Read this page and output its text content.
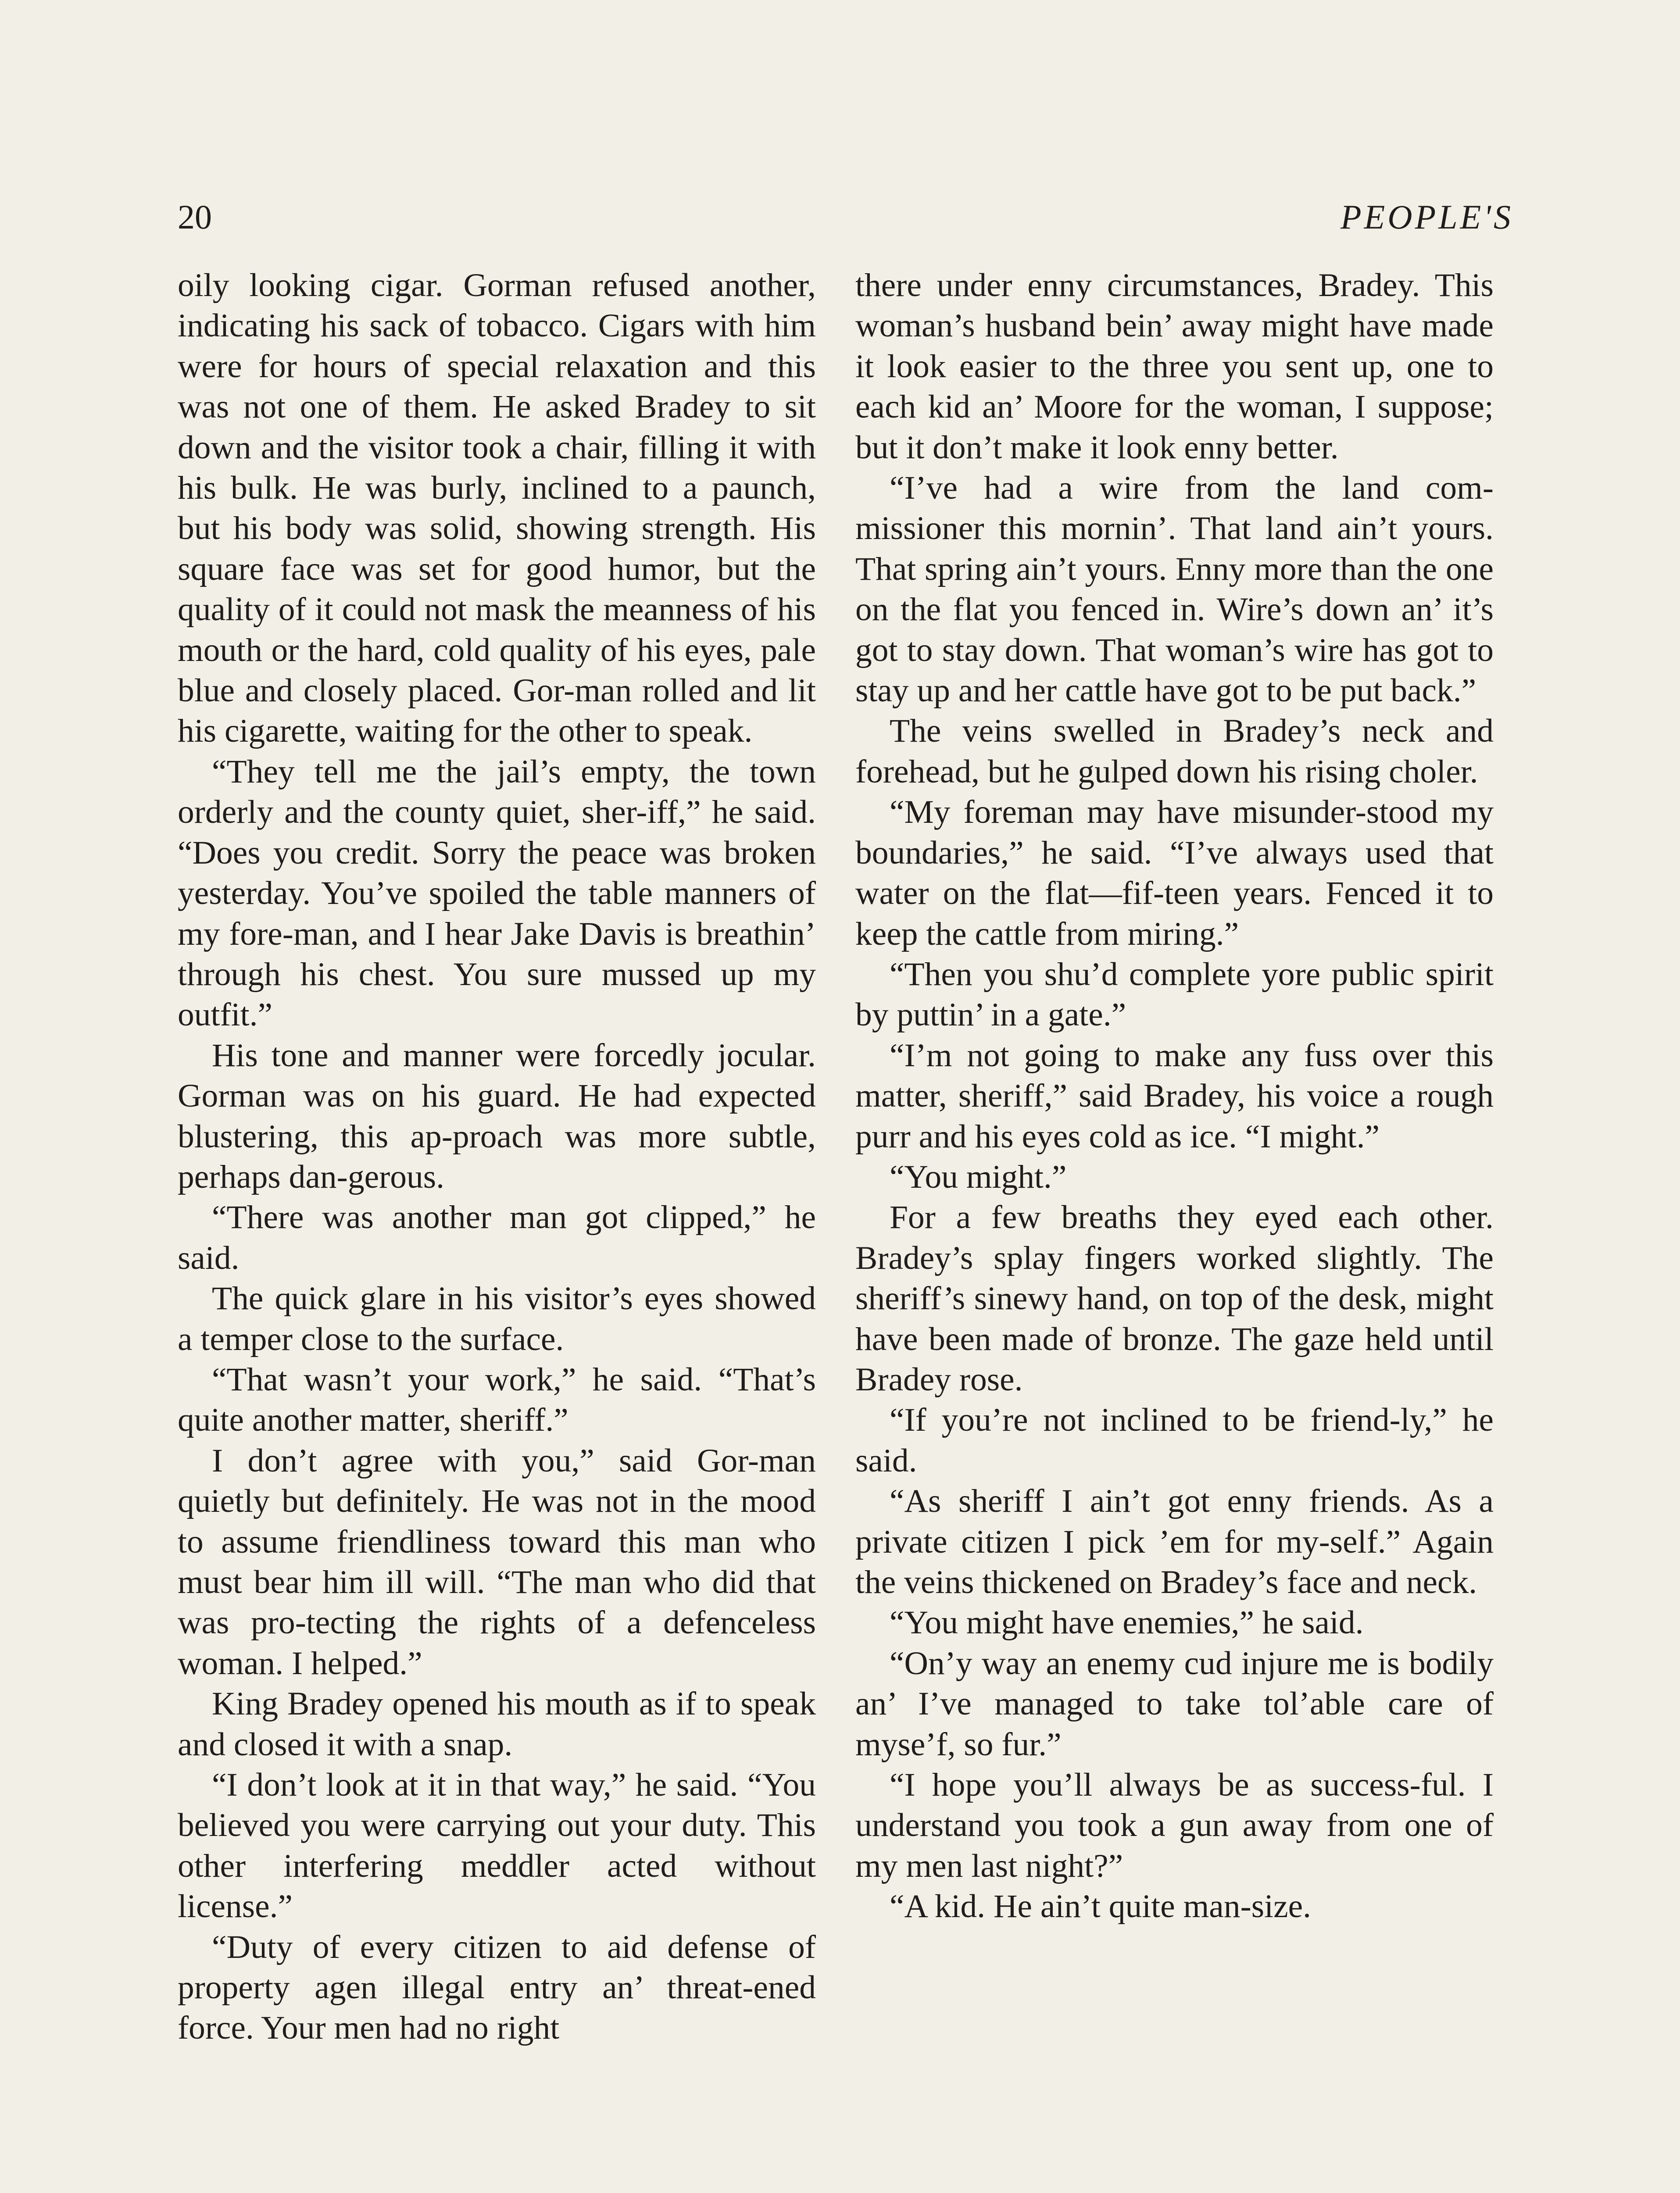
20	PEOPLE'S

oily looking cigar. Gorman refused another, indicating his sack of tobacco. Cigars with him were for hours of special relaxation and this was not one of them. He asked Bradey to sit down and the visitor took a chair, filling it with his bulk. He was burly, inclined to a paunch, but his body was solid, showing strength. His square face was set for good humor, but the quality of it could not mask the meanness of his mouth or the hard, cold quality of his eyes, pale blue and closely placed. Gor-man rolled and lit his cigarette, waiting for the other to speak.

“They tell me the jail’s empty, the town orderly and the county quiet, sher-iff,” he said. “Does you credit. Sorry the peace was broken yesterday. You’ve spoiled the table manners of my fore-man, and I hear Jake Davis is breathin’ through his chest. You sure mussed up my outfit.”

His tone and manner were forcedly jocular. Gorman was on his guard. He had expected blustering, this ap-proach was more subtle, perhaps dan-gerous.

“There was another man got clipped,” he said.

The quick glare in his visitor’s eyes showed a temper close to the surface.

“That wasn’t your work,” he said. “That’s quite another matter, sheriff.”

I don’t agree with you,” said Gor-man quietly but definitely. He was not in the mood to assume friendliness toward this man who must bear him ill will. “The man who did that was pro-tecting the rights of a defenceless woman. I helped.”

King Bradey opened his mouth as if to speak and closed it with a snap.

“I don’t look at it in that way,” he said. “You believed you were carrying out your duty. This other interfering meddler acted without license.”

“Duty of every citizen to aid defense of property agen illegal entry an’ threat-ened force. Your men had no right

there under enny circumstances, Bradey. This woman’s husband bein’ away might have made it look easier to the three you sent up, one to each kid an’ Moore for the woman, I suppose; but it don’t make it look enny better.

“I’ve had a wire from the land com-missioner this mornin’. That land ain’t yours. That spring ain’t yours. Enny more than the one on the flat you fenced in. Wire’s down an’ it’s got to stay down. That woman’s wire has got to stay up and her cattle have got to be put back.”

The veins swelled in Bradey’s neck and forehead, but he gulped down his rising choler.

“My foreman may have misunder-stood my boundaries,” he said. “I’ve always used that water on the flat—fif-teen years. Fenced it to keep the cattle from miring.”

“Then you shu’d complete yore public spirit by puttin’ in a gate.”

“I’m not going to make any fuss over this matter, sheriff,” said Bradey, his voice a rough purr and his eyes cold as ice. “I might.”

“You might.”

For a few breaths they eyed each other. Bradey’s splay fingers worked slightly. The sheriff’s sinewy hand, on top of the desk, might have been made of bronze. The gaze held until Bradey rose.

“If you’re not inclined to be friend-ly,” he said.

“As sheriff I ain’t got enny friends. As a private citizen I pick ’em for my-self.” Again the veins thickened on Bradey’s face and neck.

“You might have enemies,” he said.

“On’y way an enemy cud injure me is bodily an’ I’ve managed to take tol’able care of myse’f, so fur.”

“I hope you’ll always be as success-ful. I understand you took a gun away from one of my men last night?”

“A kid. He ain’t quite man-size.
